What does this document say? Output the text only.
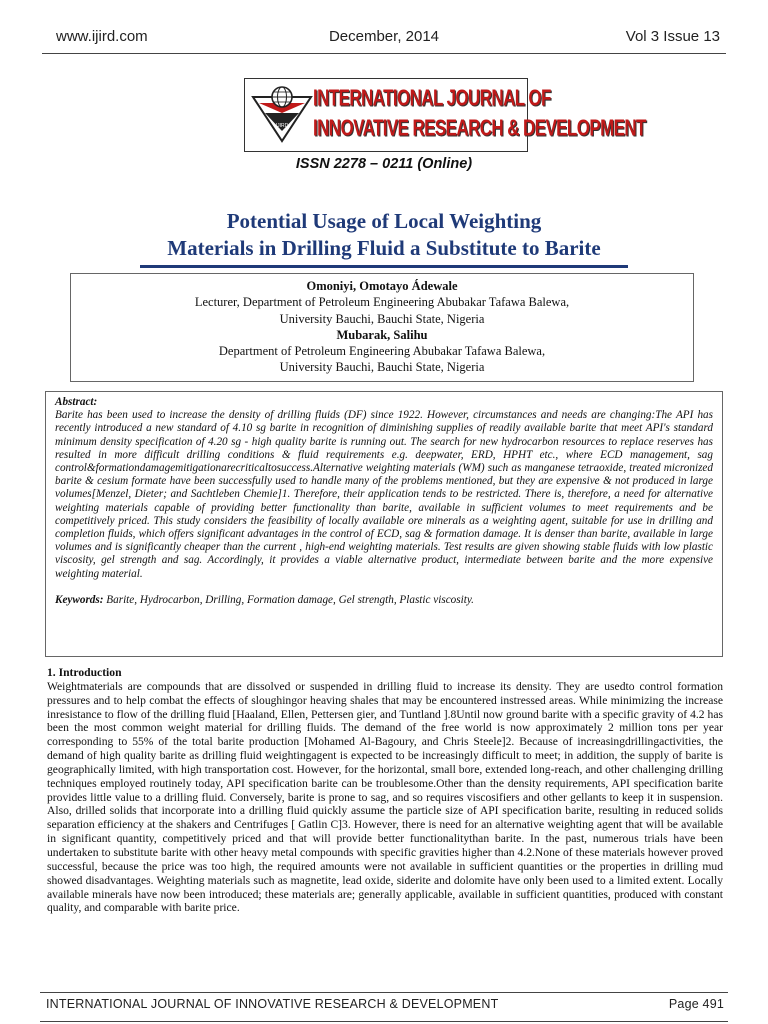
www.ijird.com	December, 2014	Vol 3 Issue 13
IJIRD
INTERNATIONAL JOURNAL OF
INNOVATIVE RESEARCH & DEVELOPMENT
ISSN 2278 – 0211 (Online)
Potential Usage of Local Weighting
Materials in Drilling Fluid a Substitute to Barite
Omoniyi, Omotayo Ádewale
Lecturer, Department of Petroleum Engineering Abubakar Tafawa Balewa,
University Bauchi, Bauchi State, Nigeria
Mubarak, Salihu
Department of Petroleum Engineering Abubakar Tafawa Balewa,
University Bauchi, Bauchi State, Nigeria
Abstract:
Barite has been used to increase the density of drilling fluids (DF) since 1922. However, circumstances and needs are changing:The API has recently introduced a new standard of 4.10 sg barite in recognition of diminishing supplies of readily available barite that meet API's standard minimum density specification of 4.20 sg - high quality barite is running out. The search for new hydrocarbon resources to replace reserves has resulted in more difficult drilling conditions & fluid requirements e.g. deepwater, ERD, HPHT etc., where ECD management, sag control&formationdamagemitigationarecriticaltosuccess.Alternative weighting materials (WM) such as manganese tetraoxide, treated micronized barite & cesium formate have been successfully used to handle many of the problems mentioned, but they are expensive & not produced in large volumes[Menzel, Dieter; and Sachtleben Chemie]1. Therefore, their application tends to be restricted. There is, therefore, a need for alternative weighting materials capable of providing better functionality than barite, available in sufficient volumes to meet requirements and be competitively priced. This study considers the feasibility of locally available ore minerals as a weighting agent, suitable for use in drilling and completion fluids, which offers significant advantages in the control of ECD, sag & formation damage. It is denser than barite, available in large volumes and is significantly cheaper than the current , high-end weighting materials. Test results are given showing stable fluids with low plastic viscosity, gel strength and sag. Accordingly, it provides a viable alternative product, intermediate between barite and the more expensive weighting material.
Keywords: Barite, Hydrocarbon, Drilling, Formation damage, Gel strength, Plastic viscosity.
1. Introduction
Weightmaterials are compounds that are dissolved or suspended in drilling fluid to increase its density. They are usedto control formation pressures and to help combat the effects of sloughingor heaving shales that may be encountered instressed areas. While minimizing the increase inresistance to flow of the drilling fluid [Haaland, Ellen, Pettersen gier, and Tuntland ].8Until now ground barite with a specific gravity of 4.2 has been the most common weight material for drilling fluids. The demand of the free world is now approximately 2 million tons per year corresponding to 55% of the total barite production [Mohamed Al-Bagoury, and Chris Steele]2. Because of increasingdrillingactivities, the demand of high quality barite as drilling fluid weightingagent is expected to be increasingly difficult to meet; in addition, the supply of barite is geographically limited, with high transportation cost. However, for the horizontal, small bore, extended long-reach, and other challenging drilling techniques employed routinely today, API specification barite can be troublesome.Other than the density requirements, API specification barite provides little value to a drilling fluid. Conversely, barite is prone to sag, and so requires viscosifiers and other gellants to keep it in suspension. Also, drilled solids that incorporate into a drilling fluid quickly assume the particle size of API specification barite, resulting in reduced solids separation efficiency at the shakers and Centrifuges [ Gatlin C]3. However, there is need for an alternative weighting agent that will be available in significant quantity, competitively priced and that will provide better functionalitythan barite. In the past, numerous trials have been undertaken to substitute barite with other heavy metal compounds with specific gravities higher than 4.2.None of these materials however proved successful, because the price was too high, the required amounts were not available in sufficient quantities or the properties in drilling mud showed disadvantages. Weighting materials such as magnetite, lead oxide, siderite and dolomite have only been used to a limited extent. Locally available minerals have now been introduced; these materials are; generally applicable, available in sufficient quantities, produced with constant quality, and comparable with barite price.
INTERNATIONAL JOURNAL OF INNOVATIVE RESEARCH & DEVELOPMENT	Page 491
